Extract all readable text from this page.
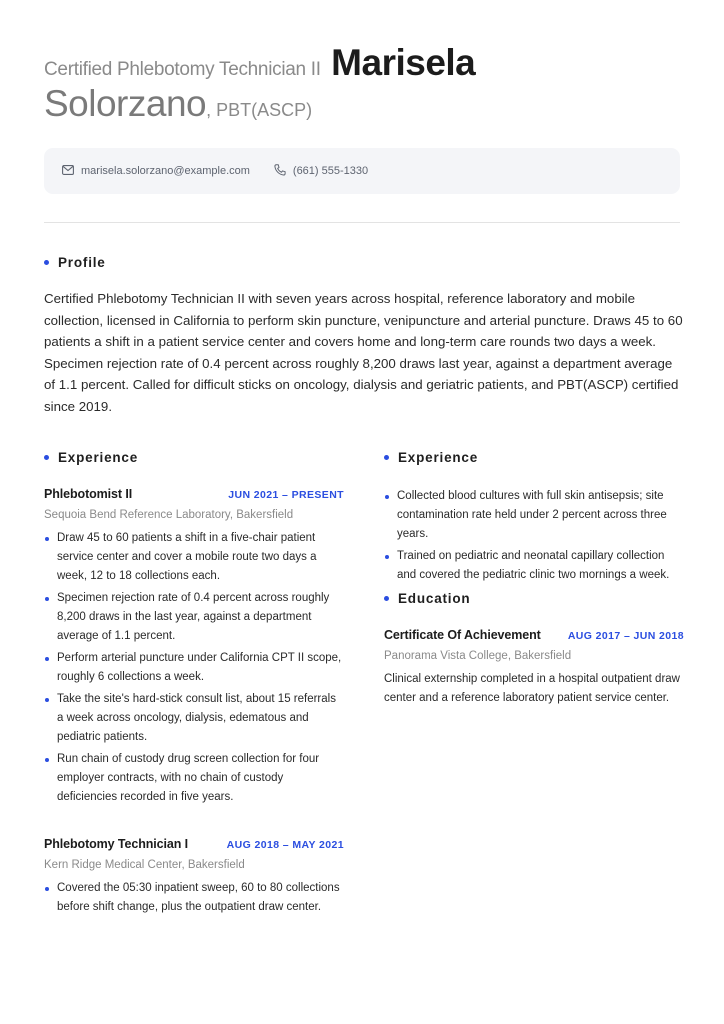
Certified Phlebotomy Technician II Marisela
Solorzano, PBT(ASCP)
marisela.solorzano@example.com	(661) 555-1330
Profile

Certified Phlebotomy Technician II with seven years across hospital, reference laboratory and mobile collection, licensed in California to perform skin puncture, venipuncture and arterial puncture. Draws 45 to 60 patients a shift in a patient service center and covers home and long-term care rounds two days a week. Specimen rejection rate of 0.4 percent across roughly 8,200 draws last year, against a department average of 1.1 percent. Called for difficult sticks on oncology, dialysis and geriatric patients, and PBT(ASCP) certified since 2019.

Experience
Phlebotomist II	JUN 2021 – PRESENT
Sequoia Bend Reference Laboratory, Bakersfield
Draw 45 to 60 patients a shift in a five-chair patient service center and cover a mobile route two days a week, 12 to 18 collections each.
Specimen rejection rate of 0.4 percent across roughly 8,200 draws in the last year, against a department average of 1.1 percent.
Perform arterial puncture under California CPT II scope, roughly 6 collections a week.
Take the site's hard-stick consult list, about 15 referrals a week across oncology, dialysis, edematous and pediatric patients.
Run chain of custody drug screen collection for four employer contracts, with no chain of custody deficiencies recorded in five years.
Phlebotomy Technician I	AUG 2018 – MAY 2021
Kern Ridge Medical Center, Bakersfield
Covered the 05:30 inpatient sweep, 60 to 80 collections before shift change, plus the outpatient draw center.
Experience
Collected blood cultures with full skin antisepsis; site contamination rate held under 2 percent across three years.
Trained on pediatric and neonatal capillary collection and covered the pediatric clinic two mornings a week.
Education
Certificate Of Achievement	AUG 2017 – JUN 2018
Panorama Vista College, Bakersfield

Clinical externship completed in a hospital outpatient draw center and a reference laboratory patient service center.
